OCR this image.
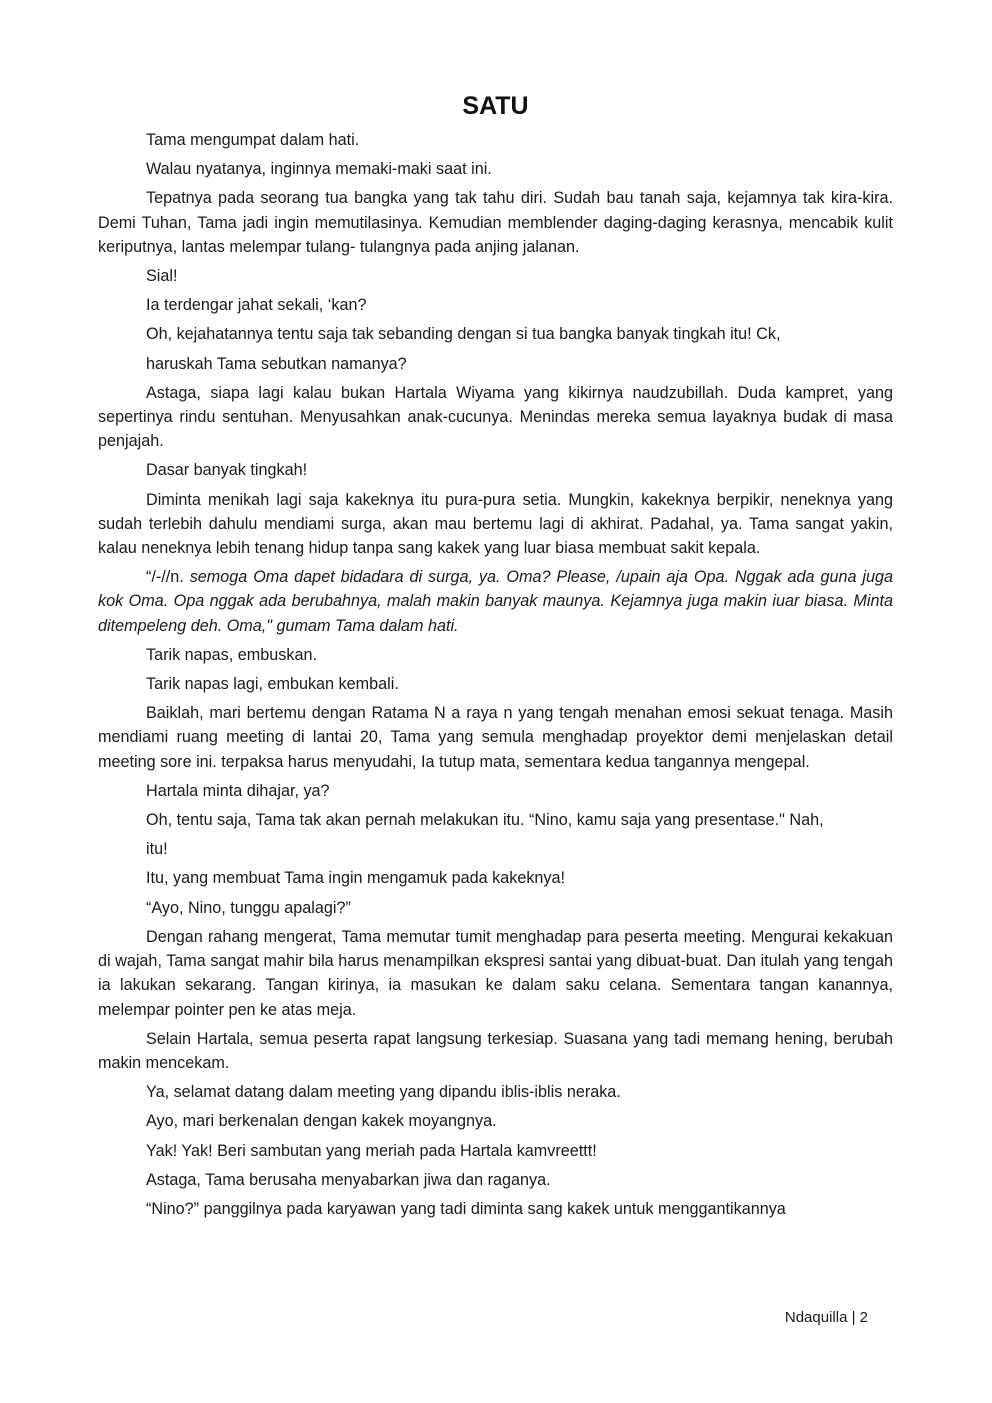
SATU

Tama mengumpat dalam hati.

Walau nyatanya, inginnya memaki-maki saat ini.

Tepatnya pada seorang tua bangka yang tak tahu diri. Sudah bau tanah saja, kejamnya tak kira-kira. Demi Tuhan, Tama jadi ingin memutilasinya. Kemudian memblender daging-daging kerasnya, mencabik kulit keriputnya, lantas melempar tulang- tulangnya pada anjing jalanan.

Sial!

Ia terdengar jahat sekali, ‘kan?

Oh, kejahatannya tentu saja tak sebanding dengan si tua bangka banyak tingkah itu! Ck,

haruskah Tama sebutkan namanya?

Astaga, siapa lagi kalau bukan Hartala Wiyama yang kikirnya naudzubillah. Duda kampret, yang sepertinya rindu sentuhan. Menyusahkan anak-cucunya. Menindas mereka semua layaknya budak di masa penjajah.

Dasar banyak tingkah!

Diminta menikah lagi saja kakeknya itu pura-pura setia. Mungkin, kakeknya berpikir, neneknya yang sudah terlebih dahulu mendiami surga, akan mau bertemu lagi di akhirat. Padahal, ya. Tama sangat yakin, kalau neneknya lebih tenang hidup tanpa sang kakek yang luar biasa membuat sakit kepala.

“/-//n. semoga Oma dapet bidadara di surga, ya. Oma? Please, /upain aja Opa. Nggak ada guna juga kok Oma. Opa nggak ada berubahnya, malah makin banyak maunya. Kejamnya juga makin iuar biasa. Minta ditempeleng deh. Oma," gumam Tama dalam hati.

Tarik napas, embuskan.

Tarik napas lagi, embukan kembali.

Baiklah, mari bertemu dengan Ratama N a raya n yang tengah menahan emosi sekuat tenaga. Masih mendiami ruang meeting di lantai 20, Tama yang semula menghadap proyektor demi menjelaskan detail meeting sore ini. terpaksa harus menyudahi, Ia tutup mata, sementara kedua tangannya mengepal.

Hartala minta dihajar, ya?

Oh, tentu saja, Tama tak akan pernah melakukan itu. “Nino, kamu saja yang presentase." Nah,

itu!

Itu, yang membuat Tama ingin mengamuk pada kakeknya!

“Ayo, Nino, tunggu apalagi?”

Dengan rahang mengerat, Tama memutar tumit menghadap para peserta meeting. Mengurai kekakuan di wajah, Tama sangat mahir bila harus menampilkan ekspresi santai yang dibuat-buat. Dan itulah yang tengah ia lakukan sekarang. Tangan kirinya, ia masukan ke dalam saku celana. Sementara tangan kanannya, melempar pointer pen ke atas meja.

Selain Hartala, semua peserta rapat langsung terkesiap. Suasana yang tadi memang hening, berubah makin mencekam.

Ya, selamat datang dalam meeting yang dipandu iblis-iblis neraka.

Ayo, mari berkenalan dengan kakek moyangnya.

Yak! Yak! Beri sambutan yang meriah pada Hartala kamvreettt!

Astaga, Tama berusaha menyabarkan jiwa dan raganya.

“Nino?” panggilnya pada karyawan yang tadi diminta sang kakek untuk menggantikannya

Ndaquilla | 2
